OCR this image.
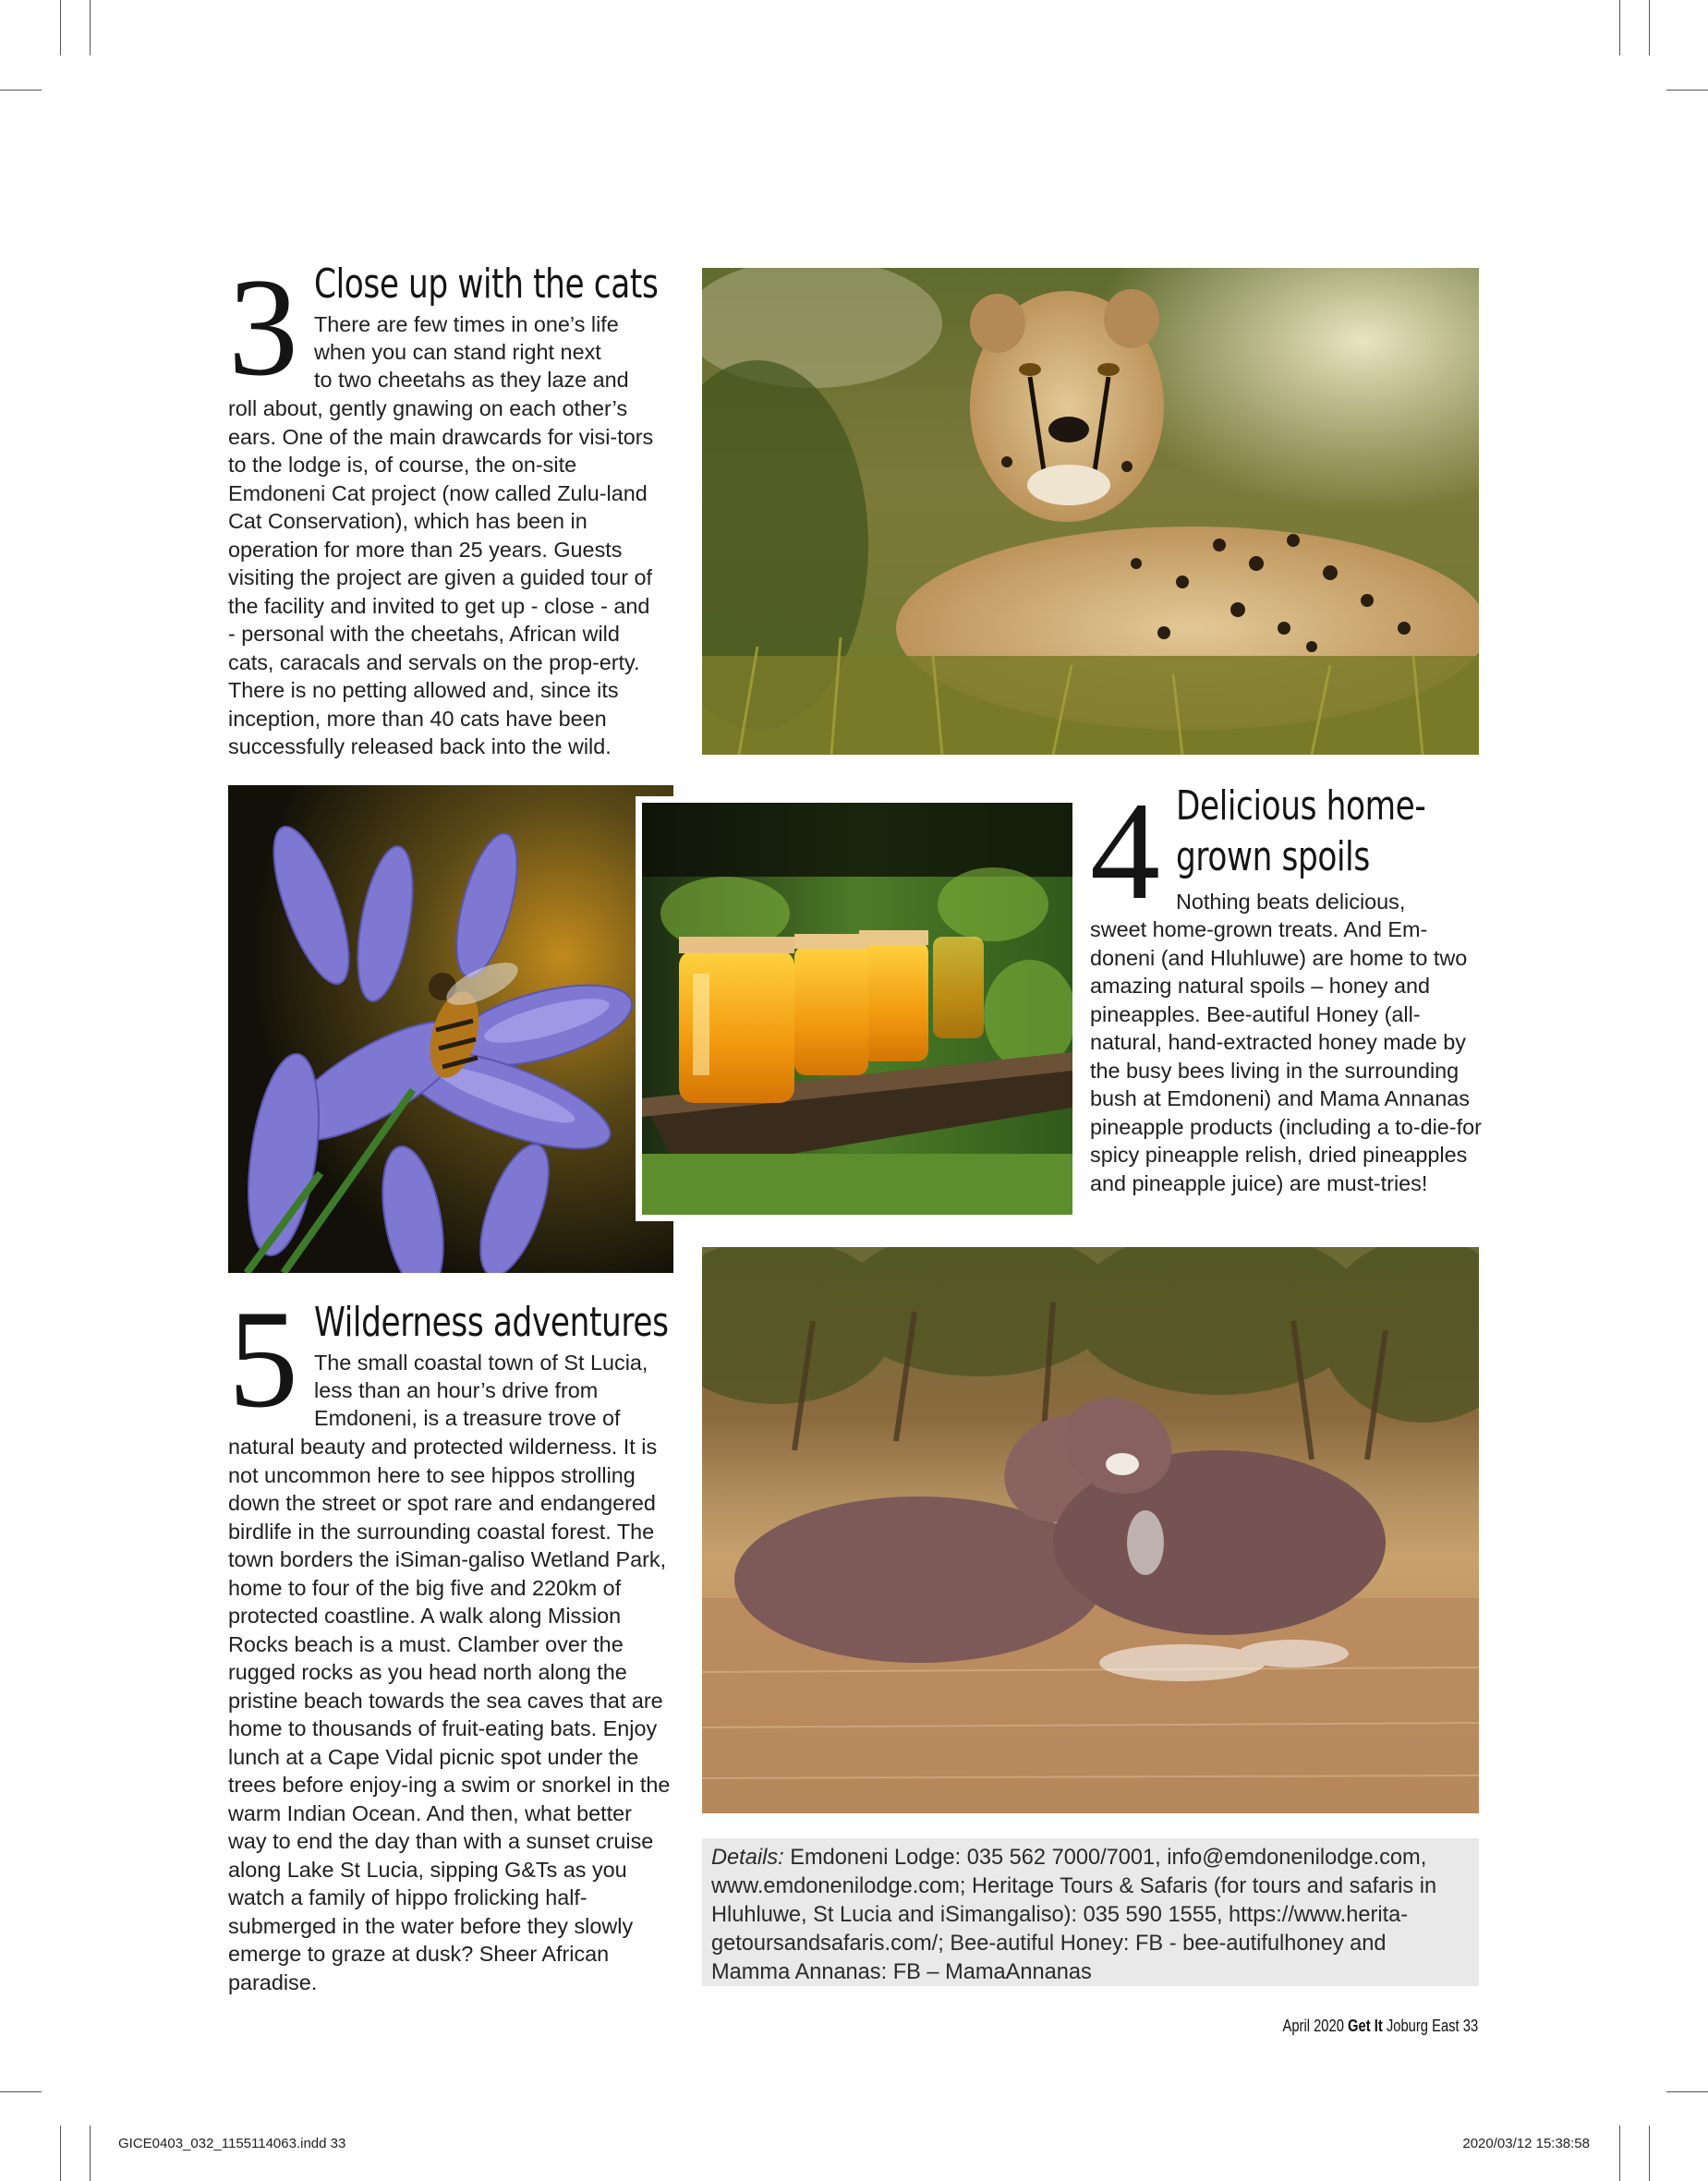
3 Close up with the cats
There are few times in one’s life
when you can stand right next
to two cheetahs as they laze and

roll about, gently gnawing on each other’s ears. One of the main drawcards for visi-tors to the lodge is, of course, the on-site Emdoneni Cat project (now called Zulu-land Cat Conservation), which has been in operation for more than 25 years. Guests visiting the project are given a guided tour of the facility and invited to get up - close - and - personal with the cheetahs, African wild cats, caracals and servals on the prop-erty. There is no petting allowed and, since its inception, more than 40 cats have been successfully released back into the wild.

4 Delicious home-
grown spoils
Nothing beats delicious,

sweet home-grown treats. And Em-doneni (and Hluhluwe) are home to two amazing natural spoils – honey and pineapples. Bee-autiful Honey (all-natural, hand-extracted honey made by the busy bees living in the surrounding bush at Emdoneni) and Mama Annanas pineapple products (including a to-die-for spicy pineapple relish, dried pineapples and pineapple juice) are must-tries!

5 Wilderness adventures
The small coastal town of St Lucia,
less than an hour’s drive from
Emdoneni, is a treasure trove of

natural beauty and protected wilderness. It is not uncommon here to see hippos strolling down the street or spot rare and endangered birdlife in the surrounding coastal forest. The town borders the iSiman-galiso Wetland Park, home to four of the big five and 220km of protected coastline. A walk along Mission Rocks beach is a must. Clamber over the rugged rocks as you head north along the pristine beach towards the sea caves that are home to thousands of fruit-eating bats. Enjoy lunch at a Cape Vidal picnic spot under the trees before enjoy-ing a swim or snorkel in the warm Indian Ocean. And then, what better way to end the day than with a sunset cruise along Lake St Lucia, sipping G&Ts as you watch a family of hippo frolicking half-submerged in the water before they slowly emerge to graze at dusk? Sheer African paradise.

Details: Emdoneni Lodge: 035 562 7000/7001, info@emdonenilodge.com, www.emdonenilodge.com; Heritage Tours & Safaris (for tours and safaris in Hluhluwe, St Lucia and iSimangaliso): 035 590 1555, https://www.herita-getoursandsafaris.com/; Bee-autiful Honey: FB - bee-autifulhoney and Mamma Annanas: FB – MamaAnnanas
April 2020 Get It Joburg East 33
GICE0403_032_1155114063.indd 33	2020/03/12 15:38:58
